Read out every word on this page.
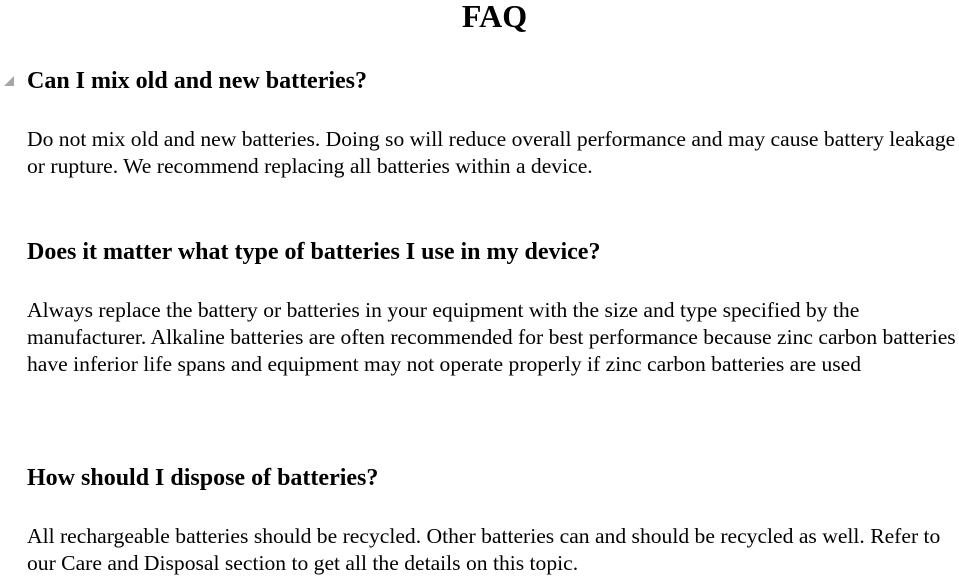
FAQ
Can I mix old and new batteries?

Do not mix old and new batteries. Doing so will reduce overall performance and may cause battery leakage or rupture. We recommend replacing all batteries within a device.

Does it matter what type of batteries I use in my device?

Always replace the battery or batteries in your equipment with the size and type specified by the manufacturer. Alkaline batteries are often recommended for best performance because zinc carbon batteries have inferior life spans and equipment may not operate properly if zinc carbon batteries are used

How should I dispose of batteries?

All rechargeable batteries should be recycled. Other batteries can and should be recycled as well. Refer to our Care and Disposal section to get all the details on this topic.
